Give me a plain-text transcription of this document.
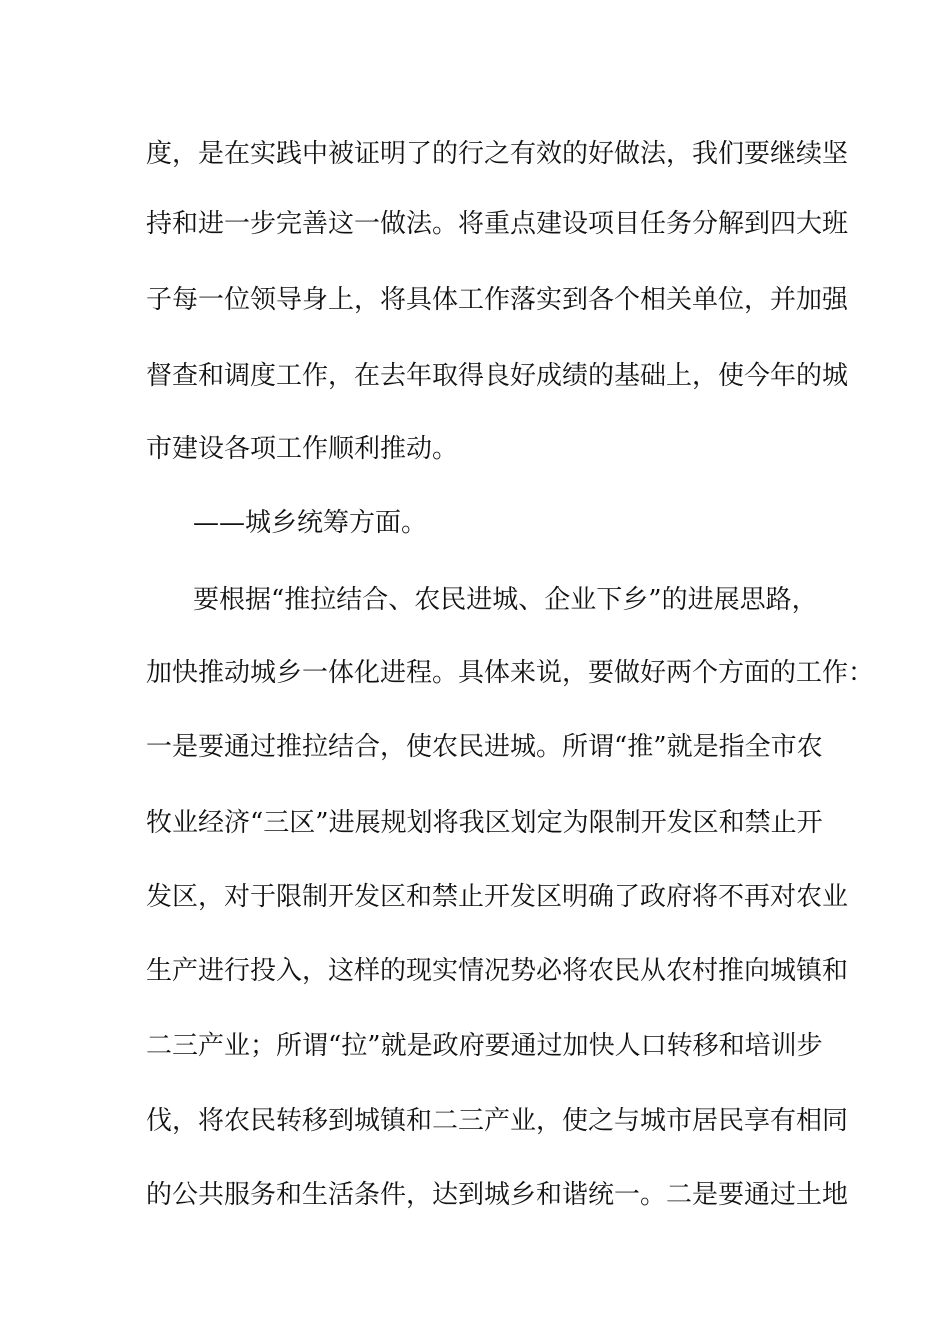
度，是在实践中被证明了的行之有效的好做法，我们要继续坚
持和进一步完善这一做法。将重点建设项目任务分解到四大班
子每一位领导身上，将具体工作落实到各个相关单位，并加强
督查和调度工作，在去年取得良好成绩的基础上，使今年的城
市建设各项工作顺利推动。
——城乡统筹方面。
要根据“推拉结合、农民进城、企业下乡”的进展思路，
加快推动城乡一体化进程。具体来说，要做好两个方面的工作：
一是要通过推拉结合，使农民进城。所谓“推”就是指全市农
牧业经济“三区”进展规划将我区划定为限制开发区和禁止开
发区，对于限制开发区和禁止开发区明确了政府将不再对农业
生产进行投入，这样的现实情况势必将农民从农村推向城镇和
二三产业；所谓“拉”就是政府要通过加快人口转移和培训步
伐，将农民转移到城镇和二三产业，使之与城市居民享有相同
的公共服务和生活条件，达到城乡和谐统一。二是要通过土地
